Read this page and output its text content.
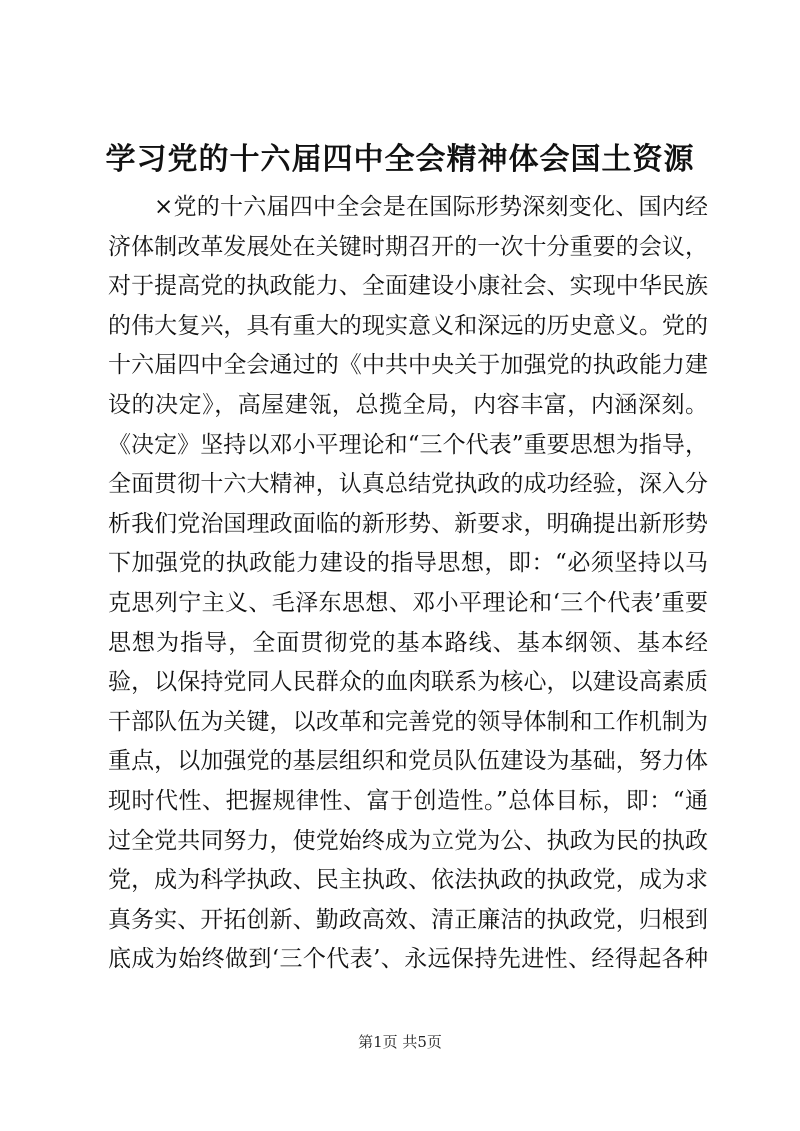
学习党的十六届四中全会精神体会国土资源

×党的十六届四中全会是在国际形势深刻变化、国内经济体制改革发展处在关键时期召开的一次十分重要的会议，对于提高党的执政能力、全面建设小康社会、实现中华民族的伟大复兴，具有重大的现实意义和深远的历史意义。党的十六届四中全会通过的《中共中央关于加强党的执政能力建设的决定》，高屋建瓴，总揽全局，内容丰富，内涵深刻。《决定》坚持以邓小平理论和“三个代表”重要思想为指导，全面贯彻十六大精神，认真总结党执政的成功经验，深入分析我们党治国理政面临的新形势、新要求，明确提出新形势下加强党的执政能力建设的指导思想，即：“必须坚持以马克思列宁主义、毛泽东思想、邓小平理论和‘三个代表’重要思想为指导，全面贯彻党的基本路线、基本纲领、基本经验，以保持党同人民群众的血肉联系为核心，以建设高素质干部队伍为关键，以改革和完善党的领导体制和工作机制为重点，以加强党的基层组织和党员队伍建设为基础，努力体现时代性、把握规律性、富于创造性。”总体目标，即：“通过全党共同努力，使党始终成为立党为公、执政为民的执政党，成为科学执政、民主执政、依法执政的执政党，成为求真务实、开拓创新、勤政高效、清正廉洁的执政党，归根到底成为始终做到‘三个代表’、永远保持先进性、经得起各种

第1页 共5页
